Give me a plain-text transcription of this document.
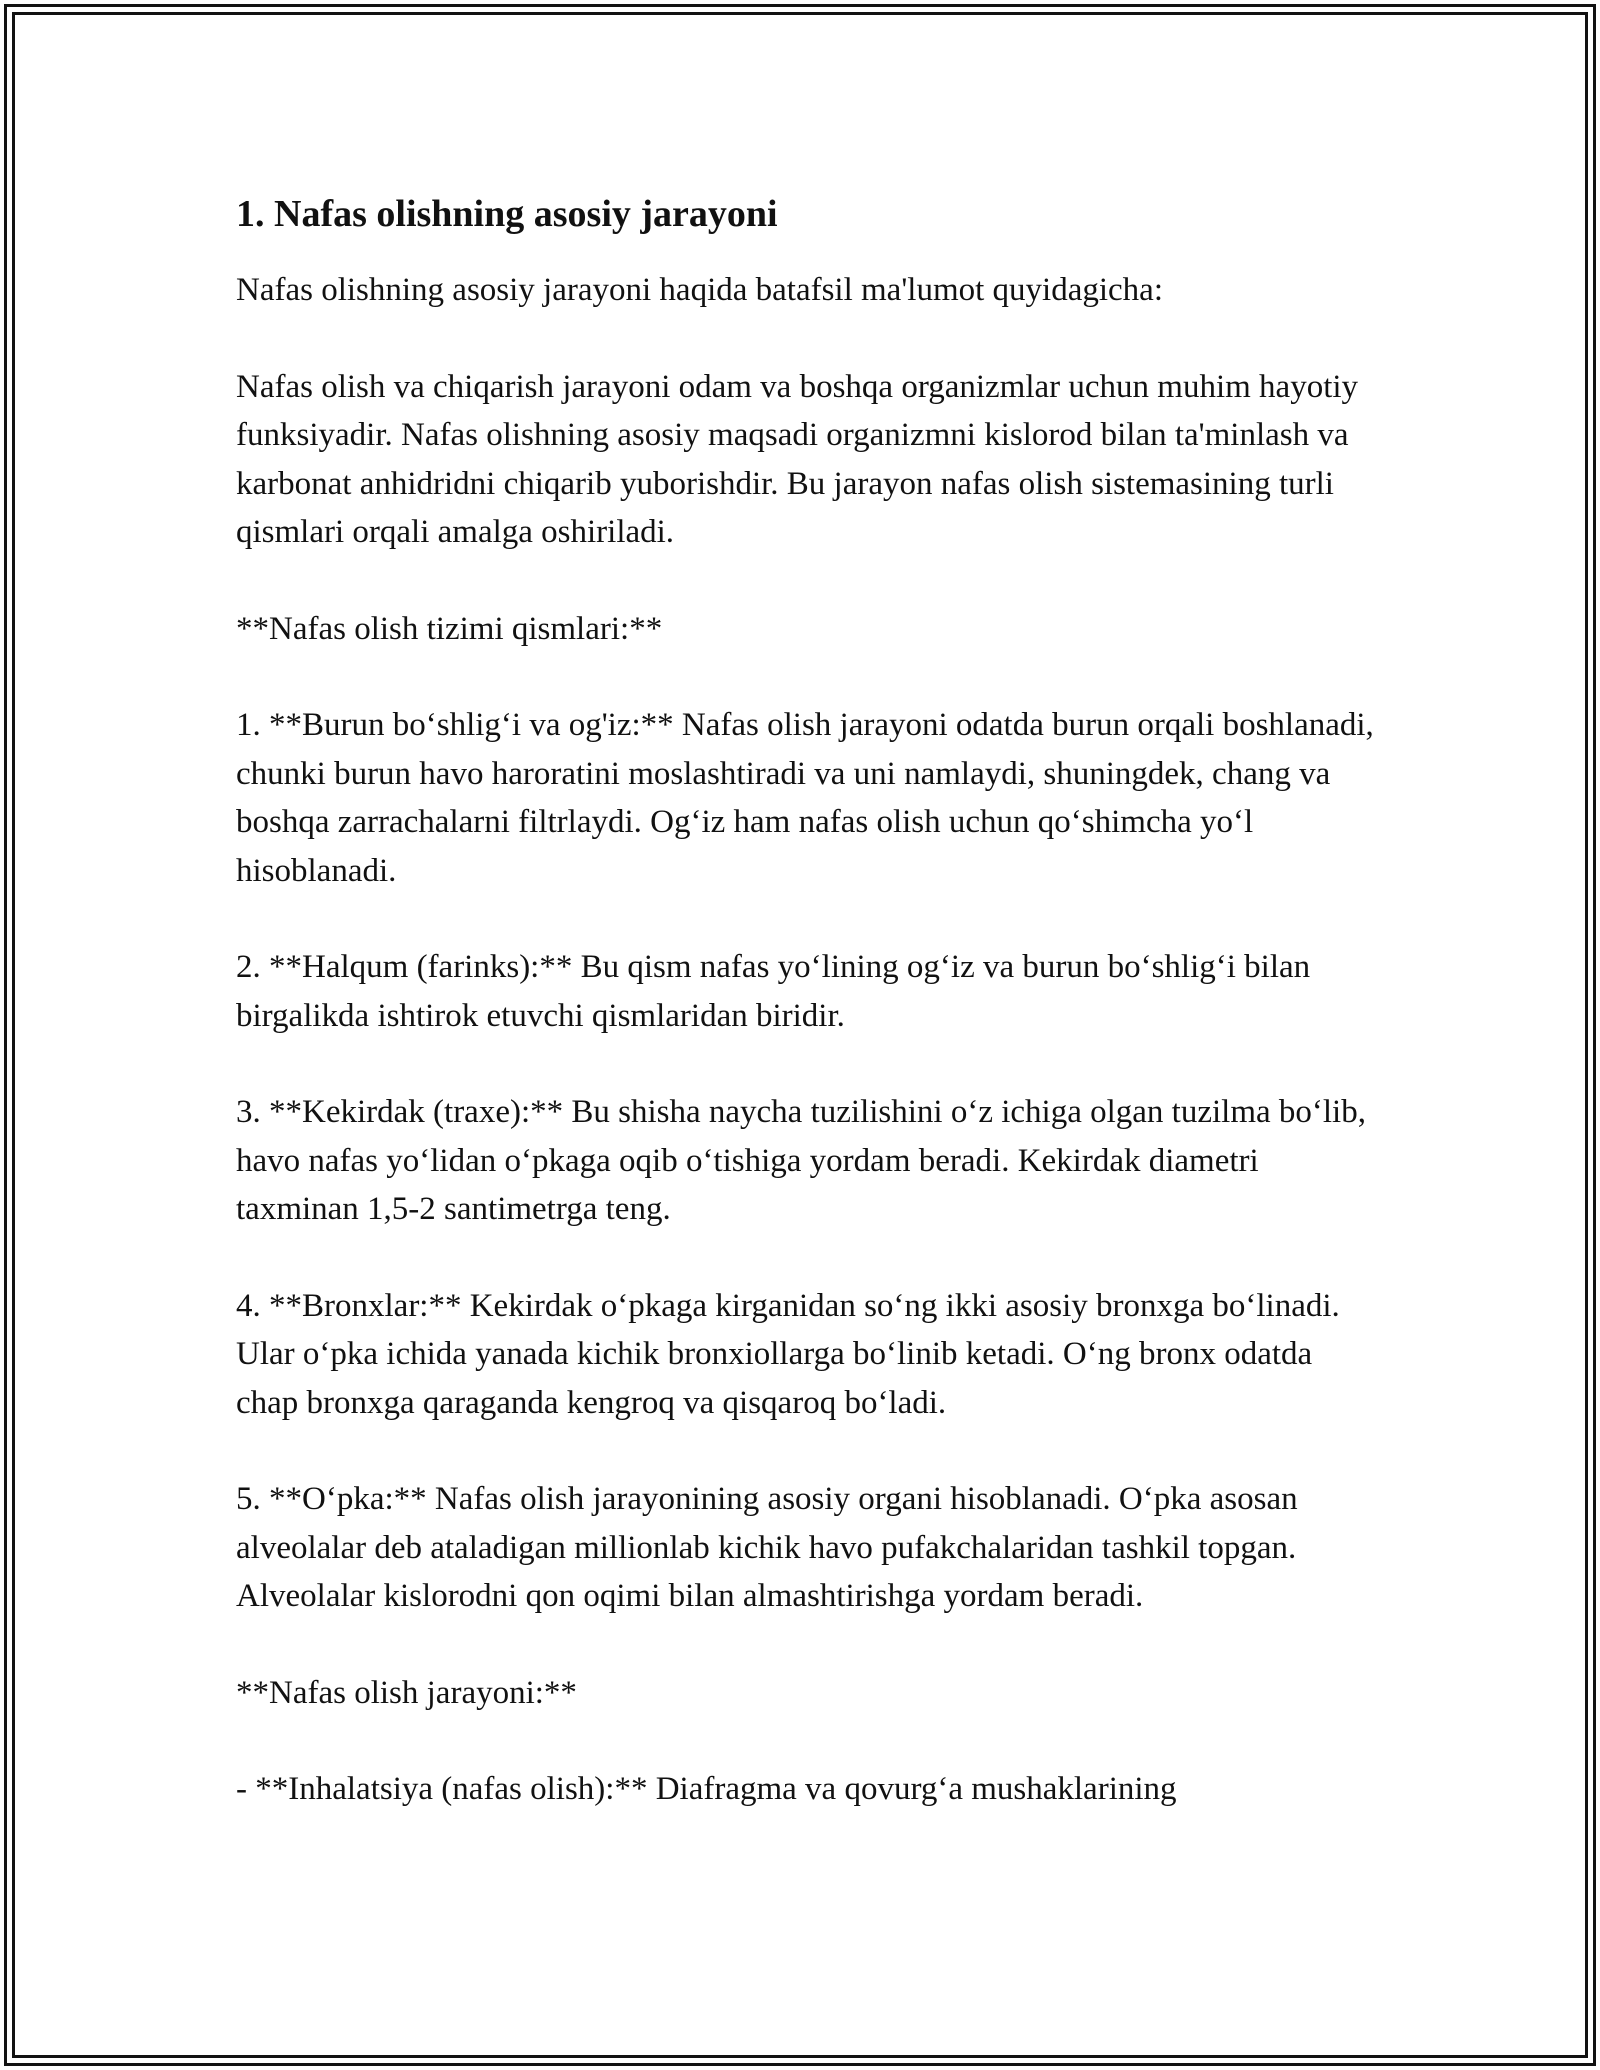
1. Nafas olishning asosiy jarayoni

Nafas olishning asosiy jarayoni haqida batafsil ma'lumot quyidagicha:

Nafas olish va chiqarish jarayoni odam va boshqa organizmlar uchun muhim hayotiy funksiyadir. Nafas olishning asosiy maqsadi organizmni kislorod bilan ta'minlash va karbonat anhidridni chiqarib yuborishdir. Bu jarayon nafas olish sistemasining turli qismlari orqali amalga oshiriladi.

**Nafas olish tizimi qismlari:**

1. **Burun bo‘shlig‘i va og'iz:** Nafas olish jarayoni odatda burun orqali boshlanadi, chunki burun havo haroratini moslashtiradi va uni namlaydi, shuningdek, chang va boshqa zarrachalarni filtrlaydi. Og‘iz ham nafas olish uchun qo‘shimcha yo‘l hisoblanadi.

2. **Halqum (farinks):** Bu qism nafas yo‘lining og‘iz va burun bo‘shlig‘i bilan birgalikda ishtirok etuvchi qismlaridan biridir.

3. **Kekirdak (traxe):** Bu shisha naycha tuzilishini o‘z ichiga olgan tuzilma bo‘lib, havo nafas yo‘lidan o‘pkaga oqib o‘tishiga yordam beradi. Kekirdak diametri taxminan 1,5-2 santimetrga teng.

4. **Bronxlar:** Kekirdak o‘pkaga kirganidan so‘ng ikki asosiy bronxga bo‘linadi. Ular o‘pka ichida yanada kichik bronxiollarga bo‘linib ketadi. O‘ng bronx odatda chap bronxga qaraganda kengroq va qisqaroq bo‘ladi.

5. **O‘pka:** Nafas olish jarayonining asosiy organi hisoblanadi. O‘pka asosan alveolalar deb ataladigan millionlab kichik havo pufakchalaridan tashkil topgan. Alveolalar kislorodni qon oqimi bilan almashtirishga yordam beradi.

**Nafas olish jarayoni:**

- **Inhalatsiya (nafas olish):** Diafragma va qovurg‘a mushaklarining
